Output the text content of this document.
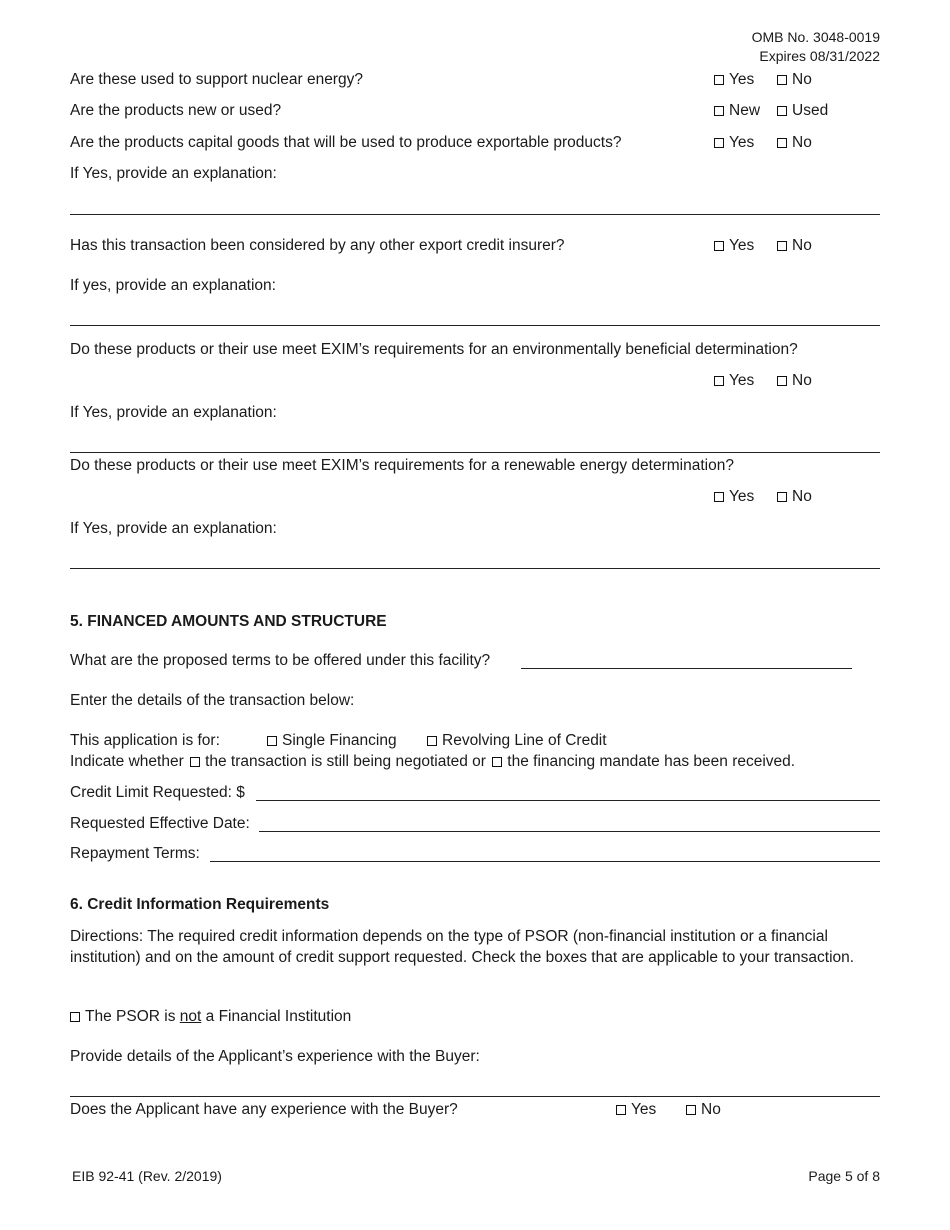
OMB No. 3048-0019
Expires 08/31/2022
Are these used to support nuclear energy?	Yes	No
Are the products new or used?	New	Used
Are the products capital goods that will be used to produce exportable products?	Yes	No
If Yes, provide an explanation:
Has this transaction been considered by any other export credit insurer?	Yes	No
If yes, provide an explanation:
Do these products or their use meet EXIM’s requirements for an environmentally beneficial determination?
Yes	No
If Yes, provide an explanation:
Do these products or their use meet EXIM’s requirements for a renewable energy determination?
Yes	No
If Yes, provide an explanation:
5. FINANCED AMOUNTS AND STRUCTURE
What are the proposed terms to be offered under this facility?
Enter the details of the transaction below:
This application is for:	Single Financing	Revolving Line of Credit
Indicate whether the transaction is still being negotiated or the financing mandate has been received.
Credit Limit Requested: $
Requested Effective Date:
Repayment Terms:
6. Credit Information Requirements
Directions: The required credit information depends on the type of PSOR (non-financial institution or a financial institution) and on the amount of credit support requested. Check the boxes that are applicable to your transaction.
The PSOR is not a Financial Institution
Provide details of the Applicant’s experience with the Buyer:
Does the Applicant have any experience with the Buyer?	Yes	No
EIB 92-41 (Rev. 2/2019)	Page 5 of 8
